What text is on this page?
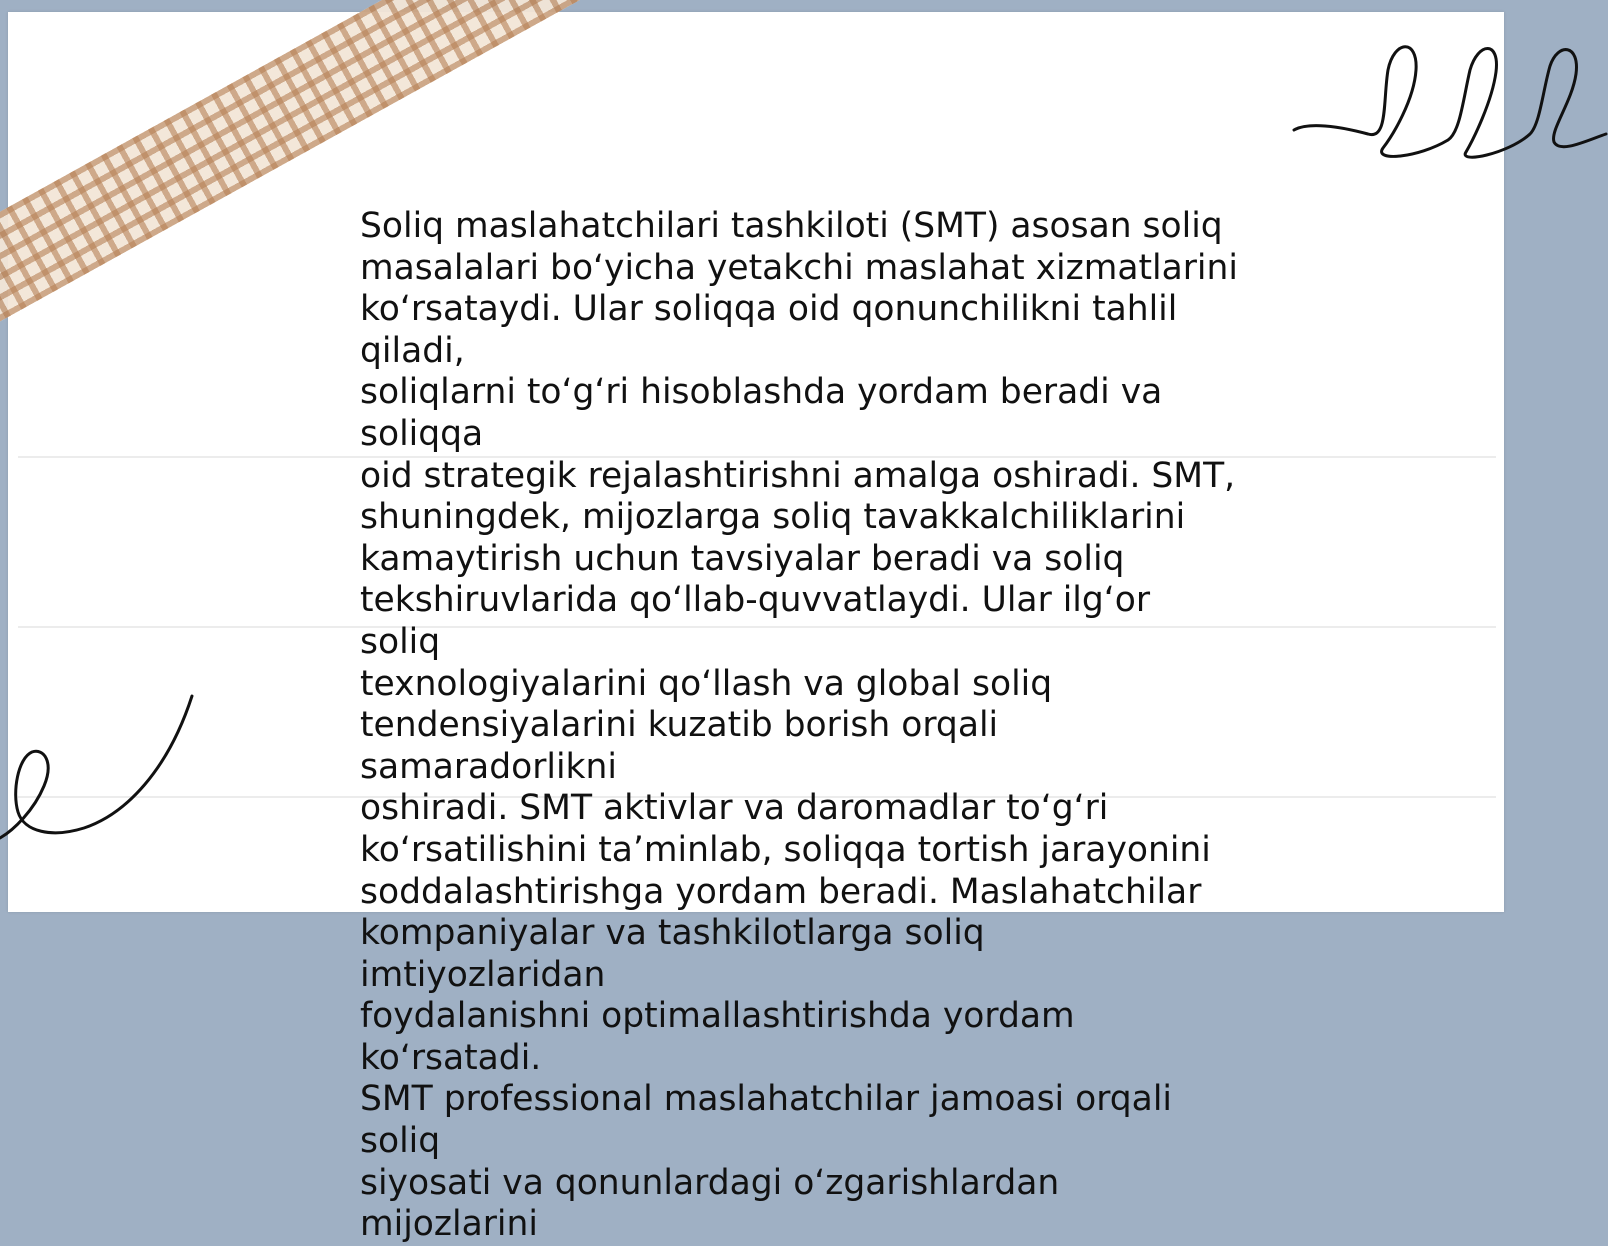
Soliq maslahatchilari tashkiloti (SMT) asosan soliq
masalalari bo‘yicha yetakchi maslahat xizmatlarini
ko‘rsataydi. Ular soliqqa oid qonunchilikni tahlil qiladi,
soliqlarni to‘g‘ri hisoblashda yordam beradi va soliqqa
oid strategik rejalashtirishni amalga oshiradi. SMT,
shuningdek, mijozlarga soliq tavakkalchiliklarini
kamaytirish uchun tavsiyalar beradi va soliq
tekshiruvlarida qo‘llab-quvvatlaydi. Ular ilg‘or soliq
texnologiyalarini qo‘llash va global soliq
tendensiyalarini kuzatib borish orqali samaradorlikni
oshiradi. SMT aktivlar va daromadlar to‘g‘ri
ko‘rsatilishini ta’minlab, soliqqa tortish jarayonini
soddalashtirishga yordam beradi. Maslahatchilar
kompaniyalar va tashkilotlarga soliq imtiyozlaridan
foydalanishni optimallashtirishda yordam ko‘rsatadi.
SMT professional maslahatchilar jamoasi orqali soliq
siyosati va qonunlardagi o‘zgarishlardan mijozlarini
